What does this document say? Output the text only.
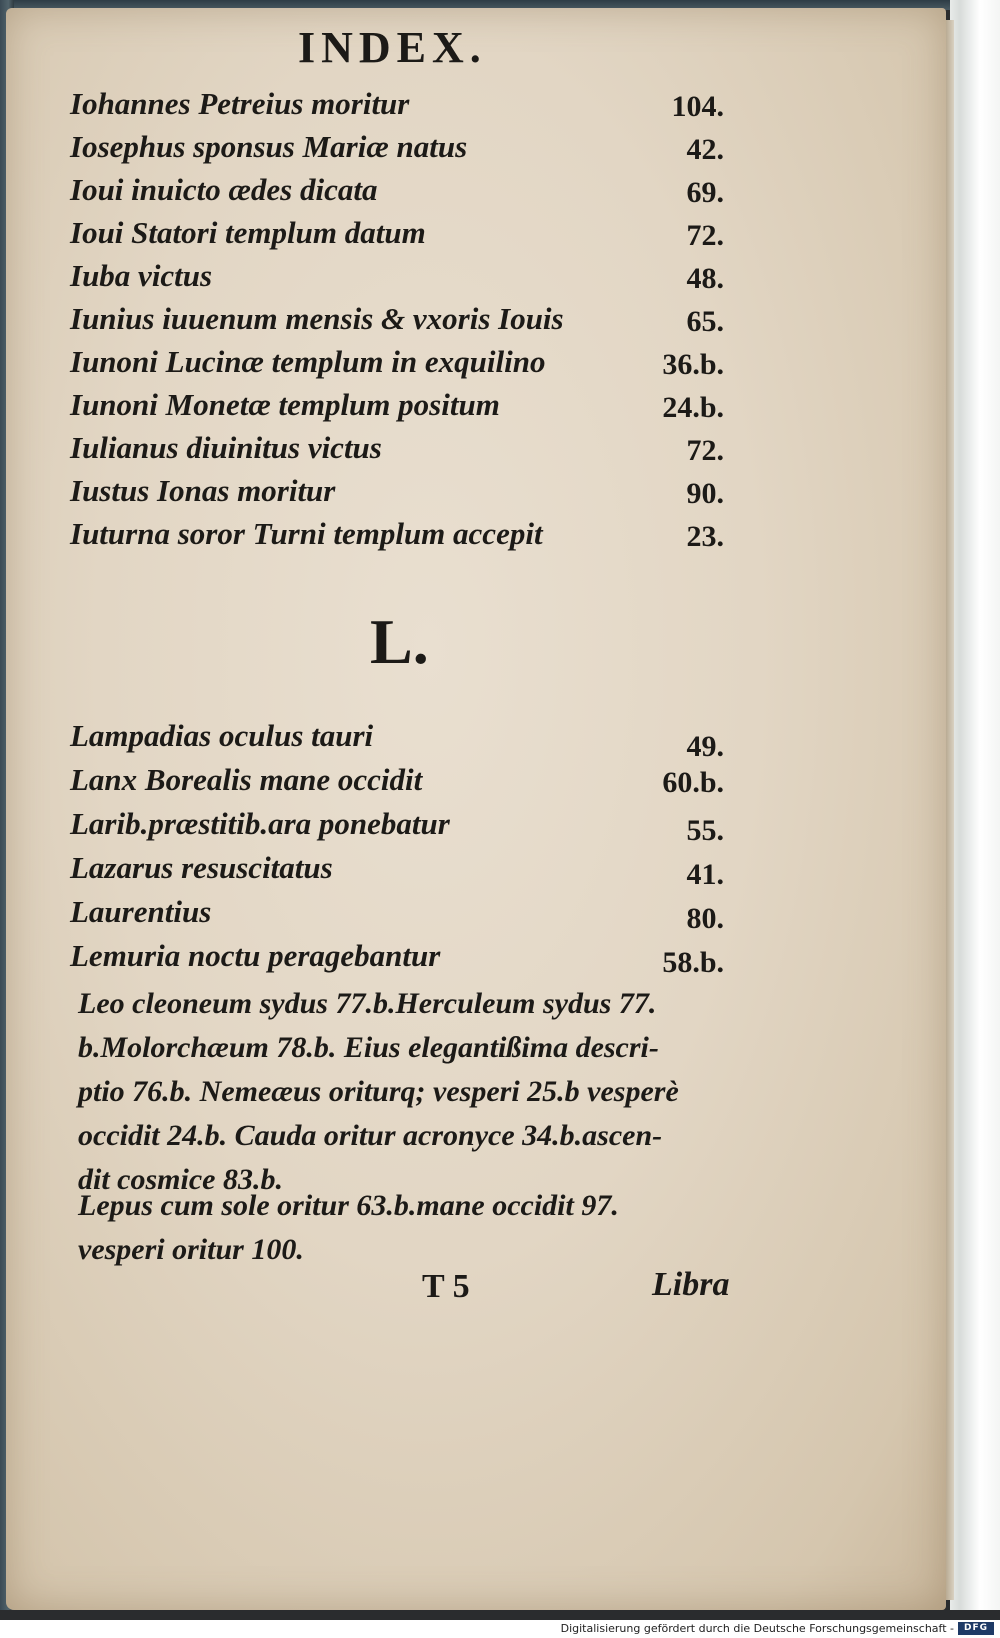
INDEX.
Iohannes Petreius moritur	104.
Iosephus sponsus Mariæ natus	42.
Ioui inuicto ædes dicata	69.
Ioui Statori templum datum	72.
Iuba victus	48.
Iunius iuuenum mensis & vxoris Iouis	65.
Iunoni Lucinæ templum in exquilino	36.b.
Iunoni Monetæ templum positum	24.b.
Iulianus diuinitus victus	72.
Iustus Ionas moritur	90.
Iuturna soror Turni templum accepit	23.
L.
Lampadias oculus tauri	49.
Lanx Borealis mane occidit	60.b.
Larib.præstitib.ara ponebatur	55.
Lazarus resuscitatus	41.
Laurentius	80.
Lemuria noctu peragebantur	58.b.

Leo cleoneum sydus 77.b.Herculeum sydus 77.

b.Molorchæum 78.b. Eius elegantißima descri-

ptio 76.b. Nemeæus oriturq; vesperi 25.b vesperè

occidit 24.b. Cauda oritur acronyce 34.b.ascen-

dit cosmice 83.b.

Lepus cum sole oritur 63.b.mane occidit 97.

vesperi oritur 100.

T 5	Libra
Digitalisierung gefördert durch die Deutsche Forschungsgemeinschaft -	DFG
